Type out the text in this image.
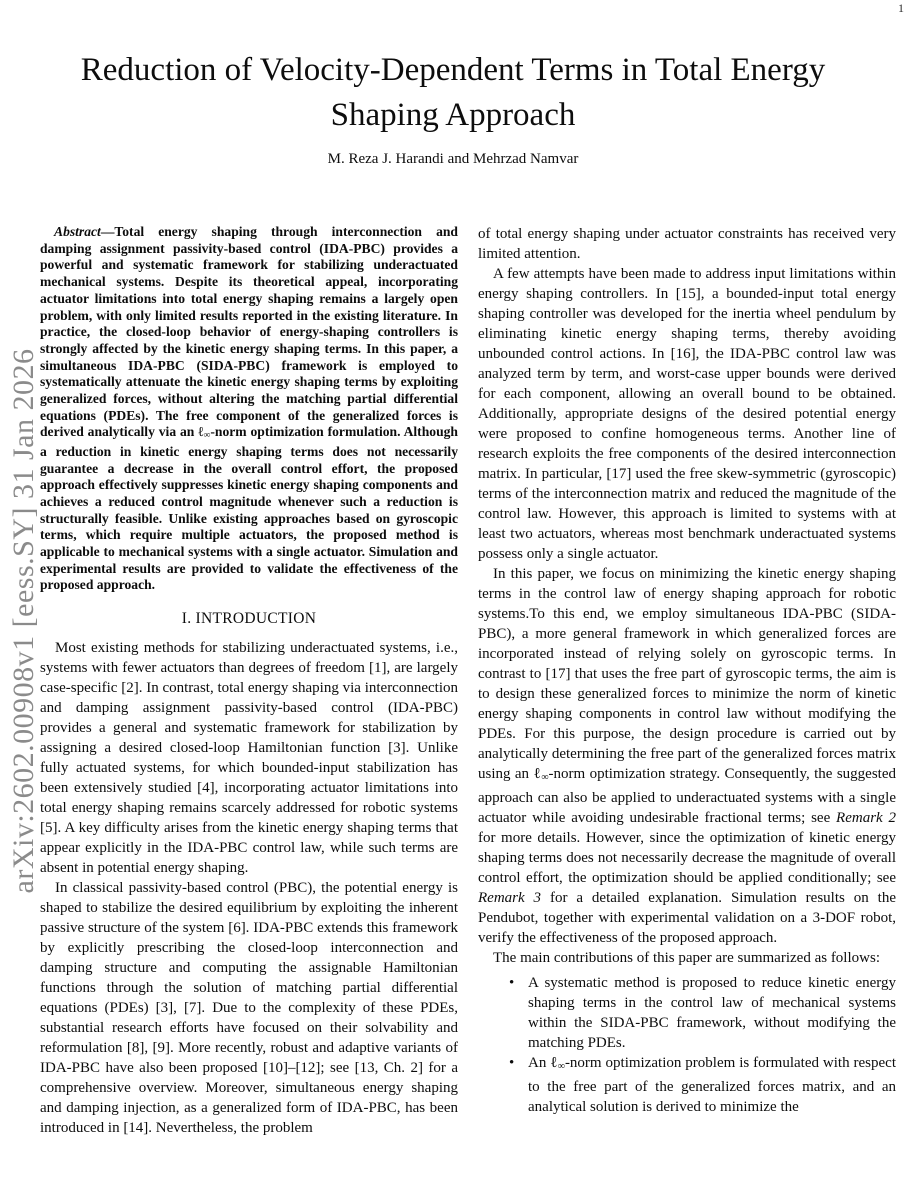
1
arXiv:2602.00908v1 [eess.SY] 31 Jan 2026
Reduction of Velocity-Dependent Terms in Total Energy Shaping Approach
M. Reza J. Harandi and Mehrzad Namvar

Abstract—Total energy shaping through interconnection and damping assignment passivity-based control (IDA-PBC) provides a powerful and systematic framework for stabilizing underactuated mechanical systems. Despite its theoretical appeal, incorporating actuator limitations into total energy shaping remains a largely open problem, with only limited results reported in the existing literature. In practice, the closed-loop behavior of energy-shaping controllers is strongly affected by the kinetic energy shaping terms. In this paper, a simultaneous IDA-PBC (SIDA-PBC) framework is employed to systematically attenuate the kinetic energy shaping terms by exploiting generalized forces, without altering the matching partial differential equations (PDEs). The free component of the generalized forces is derived analytically via an ℓ∞-norm optimization formulation. Although a reduction in kinetic energy shaping terms does not necessarily guarantee a decrease in the overall control effort, the proposed approach effectively suppresses kinetic energy shaping components and achieves a reduced control magnitude whenever such a reduction is structurally feasible. Unlike existing approaches based on gyroscopic terms, which require multiple actuators, the proposed method is applicable to mechanical systems with a single actuator. Simulation and experimental results are provided to validate the effectiveness of the proposed approach.

I. INTRODUCTION

Most existing methods for stabilizing underactuated systems, i.e., systems with fewer actuators than degrees of freedom [1], are largely case-specific [2]. In contrast, total energy shaping via interconnection and damping assignment passivity-based control (IDA-PBC) provides a general and systematic framework for stabilization by assigning a desired closed-loop Hamiltonian function [3]. Unlike fully actuated systems, for which bounded-input stabilization has been extensively studied [4], incorporating actuator limitations into total energy shaping remains scarcely addressed for robotic systems [5]. A key difficulty arises from the kinetic energy shaping terms that appear explicitly in the IDA-PBC control law, while such terms are absent in potential energy shaping.

In classical passivity-based control (PBC), the potential energy is shaped to stabilize the desired equilibrium by exploiting the inherent passive structure of the system [6]. IDA-PBC extends this framework by explicitly prescribing the closed-loop interconnection and damping structure and computing the assignable Hamiltonian functions through the solution of matching partial differential equations (PDEs) [3], [7]. Due to the complexity of these PDEs, substantial research efforts have focused on their solvability and reformulation [8], [9]. More recently, robust and adaptive variants of IDA-PBC have also been proposed [10]–[12]; see [13, Ch. 2] for a comprehensive overview. Moreover, simultaneous energy shaping and damping injection, as a generalized form of IDA-PBC, has been introduced in [14]. Nevertheless, the problem

of total energy shaping under actuator constraints has received very limited attention.

A few attempts have been made to address input limitations within energy shaping controllers. In [15], a bounded-input total energy shaping controller was developed for the inertia wheel pendulum by eliminating kinetic energy shaping terms, thereby avoiding unbounded control actions. In [16], the IDA-PBC control law was analyzed term by term, and worst-case upper bounds were derived for each component, allowing an overall bound to be obtained. Additionally, appropriate designs of the desired potential energy were proposed to confine homogeneous terms. Another line of research exploits the free components of the desired interconnection matrix. In particular, [17] used the free skew-symmetric (gyroscopic) terms of the interconnection matrix and reduced the magnitude of the control law. However, this approach is limited to systems with at least two actuators, whereas most benchmark underactuated systems possess only a single actuator.

In this paper, we focus on minimizing the kinetic energy shaping terms in the control law of energy shaping approach for robotic systems.To this end, we employ simultaneous IDA-PBC (SIDA-PBC), a more general framework in which generalized forces are incorporated instead of relying solely on gyroscopic terms. In contrast to [17] that uses the free part of gyroscopic terms, the aim is to design these generalized forces to minimize the norm of kinetic energy shaping components in control law without modifying the PDEs. For this purpose, the design procedure is carried out by analytically determining the free part of the generalized forces matrix using an ℓ∞-norm optimization strategy. Consequently, the suggested approach can also be applied to underactuated systems with a single actuator while avoiding undesirable fractional terms; see Remark 2 for more details. However, since the optimization of kinetic energy shaping terms does not necessarily decrease the magnitude of overall control effort, the optimization should be applied conditionally; see Remark 3 for a detailed explanation. Simulation results on the Pendubot, together with experimental validation on a 3-DOF robot, verify the effectiveness of the proposed approach.

The main contributions of this paper are summarized as follows:

• A systematic method is proposed to reduce kinetic energy shaping terms in the control law of mechanical systems within the SIDA-PBC framework, without modifying the matching PDEs.
• An ℓ∞-norm optimization problem is formulated with respect to the free part of the generalized forces matrix, and an analytical solution is derived to minimize the
